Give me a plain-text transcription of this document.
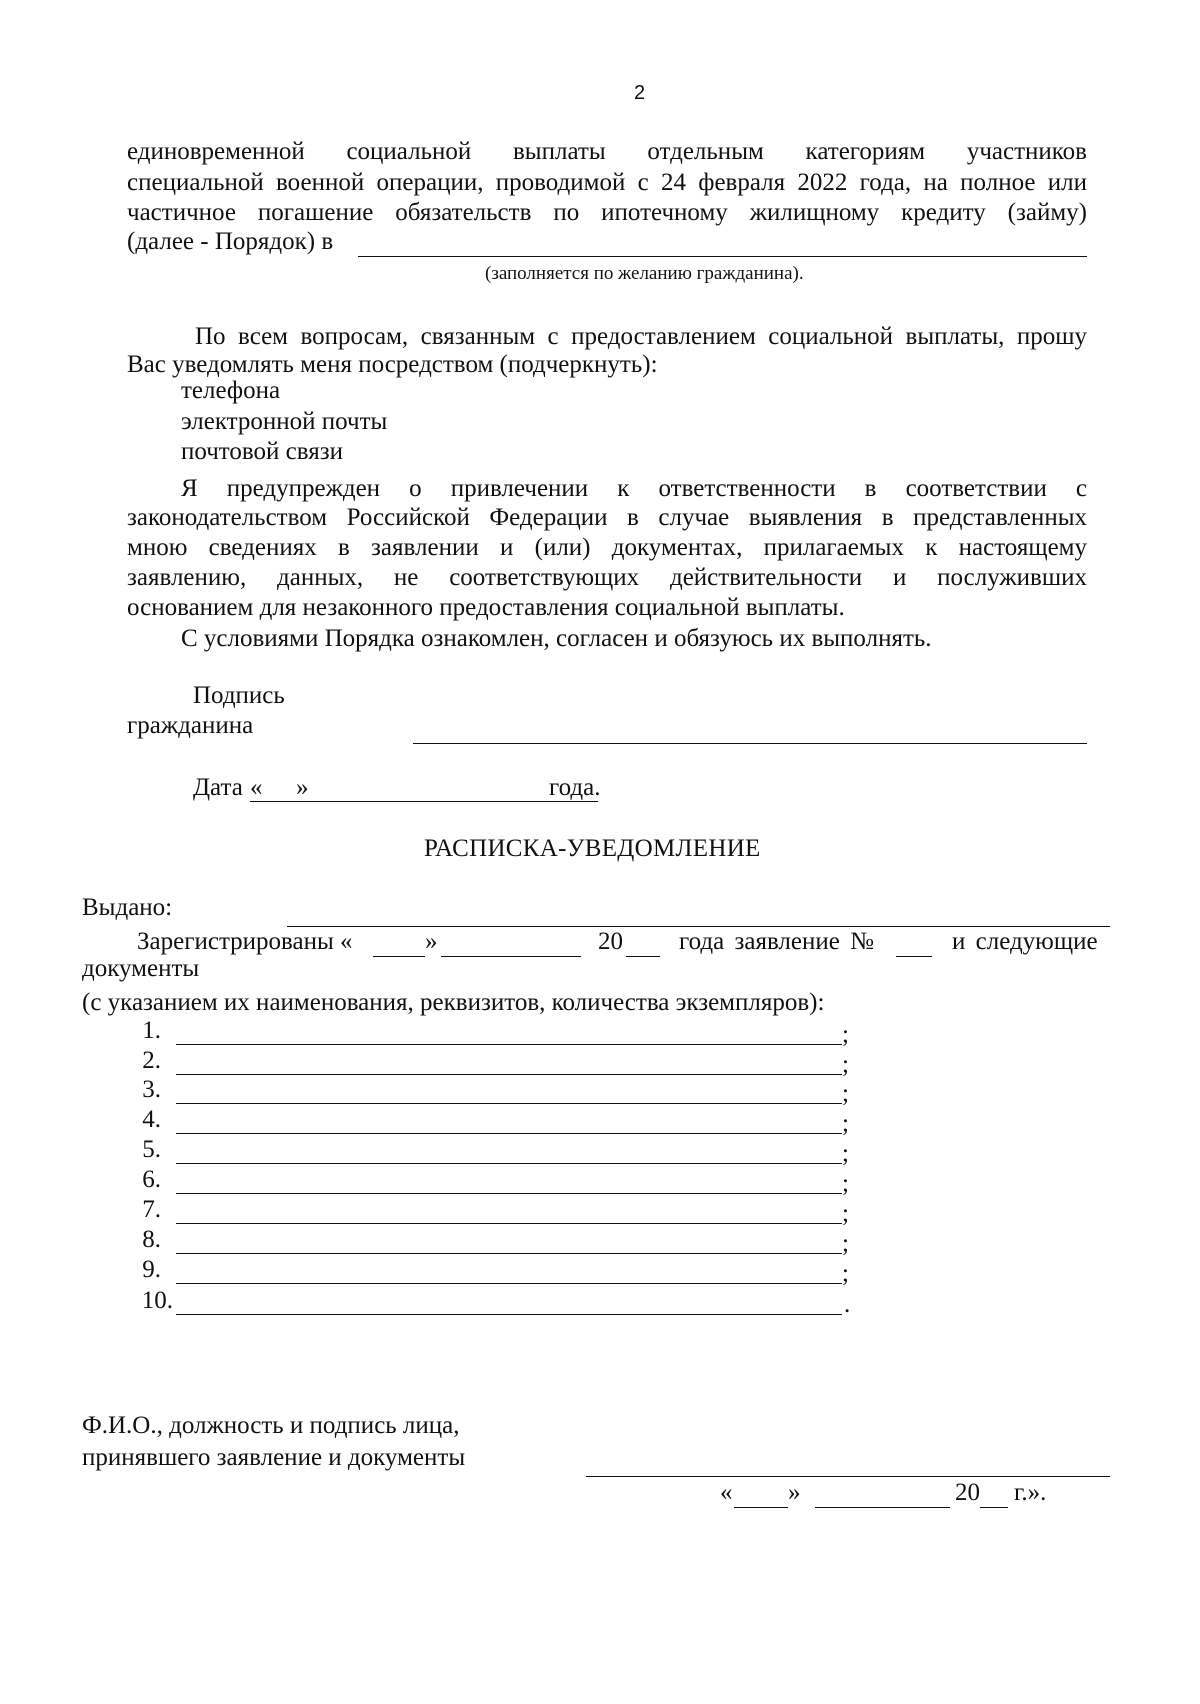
2
единовременной социальной выплаты отдельным категориям участников
специальной военной операции, проводимой с 24 февраля 2022 года, на полное или
частичное погашение обязательств по ипотечному жилищному кредиту (займу)
(далее - Порядок) в
(заполняется по желанию гражданина).
По всем вопросам, связанным с предоставлением социальной выплаты, прошу
Вас уведомлять меня посредством (подчеркнуть):
телефона
электронной почты
почтовой связи
Я предупрежден о привлечении к ответственности в соответствии с
законодательством Российской Федерации в случае выявления в представленных
мною сведениях в заявлении и (или) документах, прилагаемых к настоящему
заявлению, данных, не соответствующих действительности и послуживших
основанием для незаконного предоставления социальной выплаты.
С условиями Порядка ознакомлен, согласен и обязуюсь их выполнять.
Подпись
гражданина
Дата « »	года.
РАСПИСКА-УВЕДОМЛЕНИЕ
Выдано:
Зарегистрированы «	»	20 года заявление №	и следующие
документы
(с указанием их наименования, реквизитов, количества экземпляров):
1.	;
2.	;
3.	;
4.	;
5.	;
6.	;
7.	;
8.	;
9.	;
10.	.
Ф.И.О., должность и подпись лица,
принявшего заявление и документы
« »	20 г.».
